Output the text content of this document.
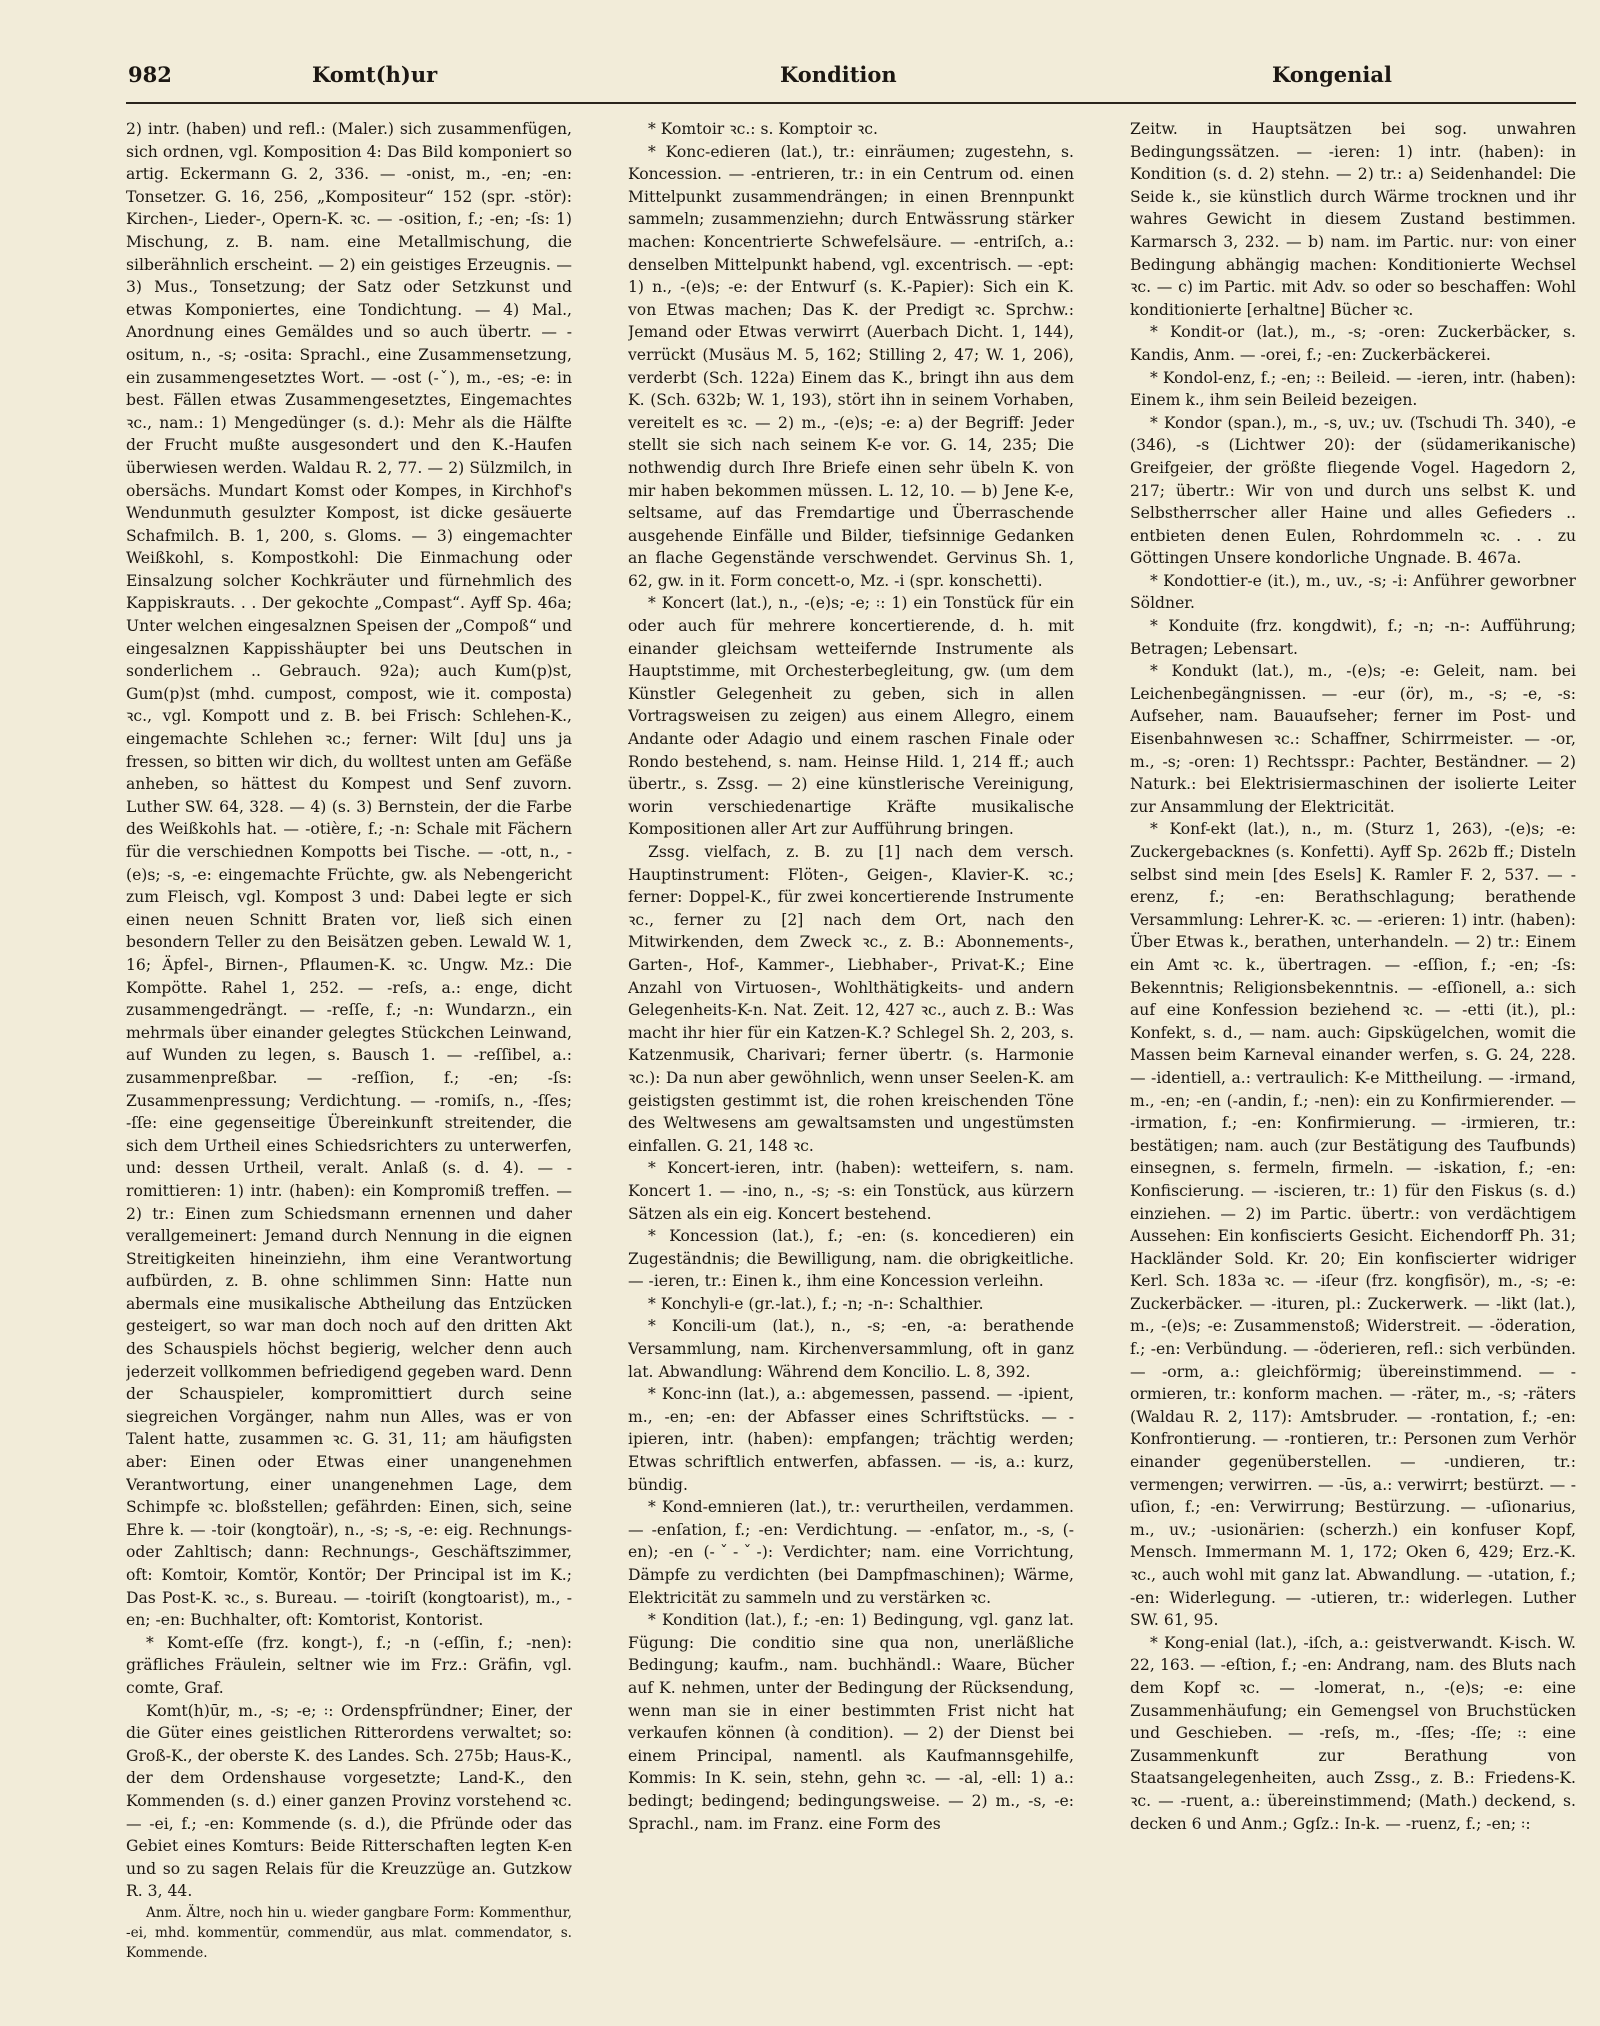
982	Komt(h)ur	Kondition	Kongenial

2) intr. (haben) und refl.: (Maler.) sich zusammenfügen, sich ordnen, vgl. Komposition 4: Das Bild komponiert so artig. Eckermann G. 2, 336. — -onist, m., -en; -en: Tonsetzer. G. 16, 256, „Kompositeur“ 152 (spr. -stör): Kirchen-, Lieder-, Opern-K. ꝛc. — -osition, f.; -en; -ſs: 1) Mischung, z. B. nam. eine Metallmischung, die silberähnlich erscheint. — 2) ein geistiges Erzeugnis. — 3) Mus., Tonsetzung; der Satz oder Setzkunst und etwas Komponiertes, eine Tondichtung. — 4) Mal., Anordnung eines Gemäldes und so auch übertr. — -ositum, n., -s; -osita: Sprachl., eine Zusammensetzung, ein zusammengesetztes Wort. — -ost (-ˇ), m., -es; -e: in best. Fällen etwas Zusammengesetztes, Eingemachtes ꝛc., nam.: 1) Mengedünger (s. d.): Mehr als die Hälfte der Frucht mußte ausgesondert und den K.-Haufen überwiesen werden. Waldau R. 2, 77. — 2) Sülzmilch, in obersächs. Mundart Komst oder Kompes, in Kirchhof's Wendunmuth gesulzter Kompost, ist dicke gesäuerte Schafmilch. B. 1, 200, s. Gloms. — 3) eingemachter Weißkohl, s. Kompostkohl: Die Einmachung oder Einsalzung solcher Kochkräuter und fürnehmlich des Kappiskrauts. . . Der gekochte „Compast“. Ayff Sp. 46a; Unter welchen eingesalznen Speisen der „Compoß“ und eingesalznen Kappisshäupter bei uns Deutschen in sonderlichem .. Gebrauch. 92a); auch Kum(p)st, Gum(p)st (mhd. cumpost, compost, wie it. composta) ꝛc., vgl. Kompott und z. B. bei Frisch: Schlehen-K., eingemachte Schlehen ꝛc.; ferner: Wilt [du] uns ja fressen, so bitten wir dich, du wolltest unten am Gefäße anheben, so hättest du Kompest und Senf zuvorn. Luther SW. 64, 328. — 4) (s. 3) Bernstein, der die Farbe des Weißkohls hat. — -otière, f.; -n: Schale mit Fächern für die verschiednen Kompotts bei Tische. — -ott, n., -(e)s; -s, -e: eingemachte Früchte, gw. als Nebengericht zum Fleisch, vgl. Kompost 3 und: Dabei legte er sich einen neuen Schnitt Braten vor, ließ sich einen besondern Teller zu den Beisätzen geben. Lewald W. 1, 16; Äpfel-, Birnen-, Pflaumen-K. ꝛc. Ungw. Mz.: Die Kompötte. Rahel 1, 252. — -reſs, a.: enge, dicht zusammengedrängt. — -reſſe, f.; -n: Wundarzn., ein mehrmals über einander gelegtes Stückchen Leinwand, auf Wunden zu legen, s. Bausch 1. — -reſſibel, a.: zusammenpreßbar. — -reſſion, f.; -en; -ſs: Zusammenpressung; Verdichtung. — -romiſs, n., -ſſes; -ſſe: eine gegenseitige Übereinkunft streitender, die sich dem Urtheil eines Schiedsrichters zu unterwerfen, und: dessen Urtheil, veralt. Anlaß (s. d. 4). — -romittieren: 1) intr. (haben): ein Kompromiß treffen. — 2) tr.: Einen zum Schiedsmann ernennen und daher verallgemeinert: Jemand durch Nennung in die eignen Streitigkeiten hineinziehn, ihm eine Verantwortung aufbürden, z. B. ohne schlimmen Sinn: Hatte nun abermals eine musikalische Abtheilung das Entzücken gesteigert, so war man doch noch auf den dritten Akt des Schauspiels höchst begierig, welcher denn auch jederzeit vollkommen befriedigend gegeben ward. Denn der Schauspieler, kompromittiert durch seine siegreichen Vorgänger, nahm nun Alles, was er von Talent hatte, zusammen ꝛc. G. 31, 11; am häufigsten aber: Einen oder Etwas einer unangenehmen Verantwortung, einer unangenehmen Lage, dem Schimpfe ꝛc. bloßstellen; gefährden: Einen, sich, seine Ehre k. — -toir (kongtoär), n., -s; -s, -e: eig. Rechnungs- oder Zahltisch; dann: Rechnungs-, Geschäftszimmer, oft: Komtoir, Komtör, Kontör; Der Principal ist im K.; Das Post-K. ꝛc., s. Bureau. — -toiriſt (kongtoarist), m., -en; -en: Buchhalter, oft: Komtorist, Kontorist.

* Komt-eſſe (frz. kongt-), f.; -n (-eſſin, f.; -nen): gräfliches Fräulein, seltner wie im Frz.: Gräfin, vgl. comte, Graf.

Komt(h)ūr, m., -s; -e; ꞉: Ordenspfründner; Einer, der die Güter eines geistlichen Ritterordens verwaltet; so: Groß-K., der oberste K. des Landes. Sch. 275b; Haus-K., der dem Ordenshause vorgesetzte; Land-K., den Kommenden (s. d.) einer ganzen Provinz vorstehend ꝛc. — -ei, f.; -en: Kommende (s. d.), die Pfründe oder das Gebiet eines Komturs: Beide Ritterschaften legten K-en und so zu sagen Relais für die Kreuzzüge an. Gutzkow R. 3, 44.

Anm. Ältre, noch hin u. wieder gangbare Form: Kommenthur, -ei, mhd. kommentür, commendür, aus mlat. commendator, s. Kommende.

* Komtoir ꝛc.: s. Komptoir ꝛc.

* Konc-edieren (lat.), tr.: einräumen; zugestehn, s. Koncession. — -entrieren, tr.: in ein Centrum od. einen Mittelpunkt zusammendrängen; in einen Brennpunkt sammeln; zusammenziehn; durch Entwässrung stärker machen: Koncentrierte Schwefelsäure. — -entriſch, a.: denselben Mittelpunkt habend, vgl. excentrisch. — -ept: 1) n., -(e)s; -e: der Entwurf (s. K.-Papier): Sich ein K. von Etwas machen; Das K. der Predigt ꝛc. Sprchw.: Jemand oder Etwas verwirrt (Auerbach Dicht. 1, 144), verrückt (Musäus M. 5, 162; Stilling 2, 47; W. 1, 206), verderbt (Sch. 122a) Einem das K., bringt ihn aus dem K. (Sch. 632b; W. 1, 193), stört ihn in seinem Vorhaben, vereitelt es ꝛc. — 2) m., -(e)s; -e: a) der Begriff: Jeder stellt sie sich nach seinem K-e vor. G. 14, 235; Die nothwendig durch Ihre Briefe einen sehr übeln K. von mir haben bekommen müssen. L. 12, 10. — b) Jene K-e, seltsame, auf das Fremdartige und Überraschende ausgehende Einfälle und Bilder, tiefsinnige Gedanken an flache Gegenstände verschwendet. Gervinus Sh. 1, 62, gw. in it. Form concett-o, Mz. -i (spr. konschetti).

* Koncert (lat.), n., -(e)s; -e; ꞉: 1) ein Tonstück für ein oder auch für mehrere koncertierende, d. h. mit einander gleichsam wetteifernde Instrumente als Hauptstimme, mit Orchesterbegleitung, gw. (um dem Künstler Gelegenheit zu geben, sich in allen Vortragsweisen zu zeigen) aus einem Allegro, einem Andante oder Adagio und einem raschen Finale oder Rondo bestehend, s. nam. Heinse Hild. 1, 214 ff.; auch übertr., s. Zssg. — 2) eine künstlerische Vereinigung, worin verschiedenartige Kräfte musikalische Kompositionen aller Art zur Aufführung bringen.

Zssg. vielfach, z. B. zu [1] nach dem versch. Hauptinstrument: Flöten-, Geigen-, Klavier-K. ꝛc.; ferner: Doppel-K., für zwei koncertierende Instrumente ꝛc., ferner zu [2] nach dem Ort, nach den Mitwirkenden, dem Zweck ꝛc., z. B.: Abonnements-, Garten-, Hof-, Kammer-, Liebhaber-, Privat-K.; Eine Anzahl von Virtuosen-, Wohlthätigkeits- und andern Gelegenheits-K-n. Nat. Zeit. 12, 427 ꝛc., auch z. B.: Was macht ihr hier für ein Katzen-K.? Schlegel Sh. 2, 203, s. Katzenmusik, Charivari; ferner übertr. (s. Harmonie ꝛc.): Da nun aber gewöhnlich, wenn unser Seelen-K. am geistigsten gestimmt ist, die rohen kreischenden Töne des Weltwesens am gewaltsamsten und ungestümsten einfallen. G. 21, 148 ꝛc.

* Koncert-ieren, intr. (haben): wetteifern, s. nam. Koncert 1. — -ino, n., -s; -s: ein Tonstück, aus kürzern Sätzen als ein eig. Koncert bestehend.

* Koncession (lat.), f.; -en: (s. koncedieren) ein Zugeständnis; die Bewilligung, nam. die obrigkeitliche. — -ieren, tr.: Einen k., ihm eine Koncession verleihn.

* Konchyli-e (gr.-lat.), f.; -n; -n-: Schalthier.

* Koncili-um (lat.), n., -s; -en, -a: berathende Versammlung, nam. Kirchenversammlung, oft in ganz lat. Abwandlung: Während dem Koncilio. L. 8, 392.

* Konc-inn (lat.), a.: abgemessen, passend. — -ipient, m., -en; -en: der Abfasser eines Schriftstücks. — -ipieren, intr. (haben): empfangen; trächtig werden; Etwas schriftlich entwerfen, abfassen. — -is, a.: kurz, bündig.

* Kond-emnieren (lat.), tr.: verurtheilen, verdammen. — -enſation, f.; -en: Verdichtung. — -enſator, m., -s, (-en); -en (-ˇ-ˇ-): Verdichter; nam. eine Vorrichtung, Dämpfe zu verdichten (bei Dampfmaschinen); Wärme, Elektricität zu sammeln und zu verstärken ꝛc.

* Kondition (lat.), f.; -en: 1) Bedingung, vgl. ganz lat. Fügung: Die conditio sine qua non, unerläßliche Bedingung; kaufm., nam. buchhändl.: Waare, Bücher auf K. nehmen, unter der Bedingung der Rücksendung, wenn man sie in einer bestimmten Frist nicht hat verkaufen können (à condition). — 2) der Dienst bei einem Principal, namentl. als Kaufmannsgehilfe, Kommis: In K. sein, stehn, gehn ꝛc. — -al, -ell: 1) a.: bedingt; bedingend; bedingungsweise. — 2) m., -s, -e: Sprachl., nam. im Franz. eine Form des

Zeitw. in Hauptsätzen bei sog. unwahren Bedingungssätzen. — -ieren: 1) intr. (haben): in Kondition (s. d. 2) stehn. — 2) tr.: a) Seidenhandel: Die Seide k., sie künstlich durch Wärme trocknen und ihr wahres Gewicht in diesem Zustand bestimmen. Karmarsch 3, 232. — b) nam. im Partic. nur: von einer Bedingung abhängig machen: Konditionierte Wechsel ꝛc. — c) im Partic. mit Adv. so oder so beschaffen: Wohl konditionierte [erhaltne] Bücher ꝛc.

* Kondit-or (lat.), m., -s; -oren: Zuckerbäcker, s. Kandis, Anm. — -orei, f.; -en: Zuckerbäckerei.

* Kondol-enz, f.; -en; ꞉: Beileid. — -ieren, intr. (haben): Einem k., ihm sein Beileid bezeigen.

* Kondor (span.), m., -s, uv.; uv. (Tschudi Th. 340), -e (346), -s (Lichtwer 20): der (südamerikanische) Greifgeier, der größte fliegende Vogel. Hagedorn 2, 217; übertr.: Wir von und durch uns selbst K. und Selbstherrscher aller Haine und alles Gefieders .. entbieten denen Eulen, Rohrdommeln ꝛc. . . zu Göttingen Unsere kondorliche Ungnade. B. 467a.

* Kondottier-e (it.), m., uv., -s; -i: Anführer geworbner Söldner.

* Konduite (frz. kongdwit), f.; -n; -n-: Aufführung; Betragen; Lebensart.

* Kondukt (lat.), m., -(e)s; -e: Geleit, nam. bei Leichenbegängnissen. — -eur (ör), m., -s; -e, -s: Aufseher, nam. Bauaufseher; ferner im Post- und Eisenbahnwesen ꝛc.: Schaffner, Schirrmeister. — -or, m., -s; -oren: 1) Rechtsspr.: Pachter, Beständner. — 2) Naturk.: bei Elektrisiermaschinen der isolierte Leiter zur Ansammlung der Elektricität.

* Konf-ekt (lat.), n., m. (Sturz 1, 263), -(e)s; -e: Zuckergebacknes (s. Konfetti). Ayff Sp. 262b ff.; Disteln selbst sind mein [des Esels] K. Ramler F. 2, 537. — -erenz, f.; -en: Berathschlagung; berathende Versammlung: Lehrer-K. ꝛc. — -erieren: 1) intr. (haben): Über Etwas k., berathen, unterhandeln. — 2) tr.: Einem ein Amt ꝛc. k., übertragen. — -eſſion, f.; -en; -ſs: Bekenntnis; Religionsbekenntnis. — -eſſionell, a.: sich auf eine Konfession beziehend ꝛc. — -etti (it.), pl.: Konfekt, s. d., — nam. auch: Gipskügelchen, womit die Massen beim Karneval einander werfen, s. G. 24, 228. — -identiell, a.: vertraulich: K-e Mittheilung. — -irmand, m., -en; -en (-andin, f.; -nen): ein zu Konfirmierender. — -irmation, f.; -en: Konfirmierung. — -irmieren, tr.: bestätigen; nam. auch (zur Bestätigung des Taufbunds) einsegnen, s. fermeln, firmeln. — -iskation, f.; -en: Konfiscierung. — -iscieren, tr.: 1) für den Fiskus (s. d.) einziehen. — 2) im Partic. übertr.: von verdächtigem Aussehen: Ein konfiscierts Gesicht. Eichendorff Ph. 31; Hackländer Sold. Kr. 20; Ein konfiscierter widriger Kerl. Sch. 183a ꝛc. — -iſeur (frz. kongfisör), m., -s; -e: Zuckerbäcker. — -ituren, pl.: Zuckerwerk. — -likt (lat.), m., -(e)s; -e: Zusammenstoß; Widerstreit. — -öderation, f.; -en: Verbündung. — -öderieren, refl.: sich verbünden. — -orm, a.: gleichförmig; übereinstimmend. — -ormieren, tr.: konform machen. — -räter, m., -s; -räters (Waldau R. 2, 117): Amtsbruder. — -rontation, f.; -en: Konfrontierung. — -rontieren, tr.: Personen zum Verhör einander gegenüberstellen. — -undieren, tr.: vermengen; verwirren. — -ūs, a.: verwirrt; bestürzt. — -uſion, f.; -en: Verwirrung; Bestürzung. — -uſionarius, m., uv.; -usionärien: (scherzh.) ein konfuser Kopf, Mensch. Immermann M. 1, 172; Oken 6, 429; Erz.-K. ꝛc., auch wohl mit ganz lat. Abwandlung. — -utation, f.; -en: Widerlegung. — -utieren, tr.: widerlegen. Luther SW. 61, 95.

* Kong-enial (lat.), -iſch, a.: geistverwandt. K-isch. W. 22, 163. — -eſtion, f.; -en: Andrang, nam. des Bluts nach dem Kopf ꝛc. — -lomerat, n., -(e)s; -e: eine Zusammenhäufung; ein Gemengsel von Bruchstücken und Geschieben. — -reſs, m., -ſſes; -ſſe; ꞉: eine Zusammenkunft zur Berathung von Staatsangelegenheiten, auch Zssg., z. B.: Friedens-K. ꝛc. — -ruent, a.: übereinstimmend; (Math.) deckend, s. decken 6 und Anm.; Ggſz.: In-k. — -ruenz, f.; -en; ꞉:
